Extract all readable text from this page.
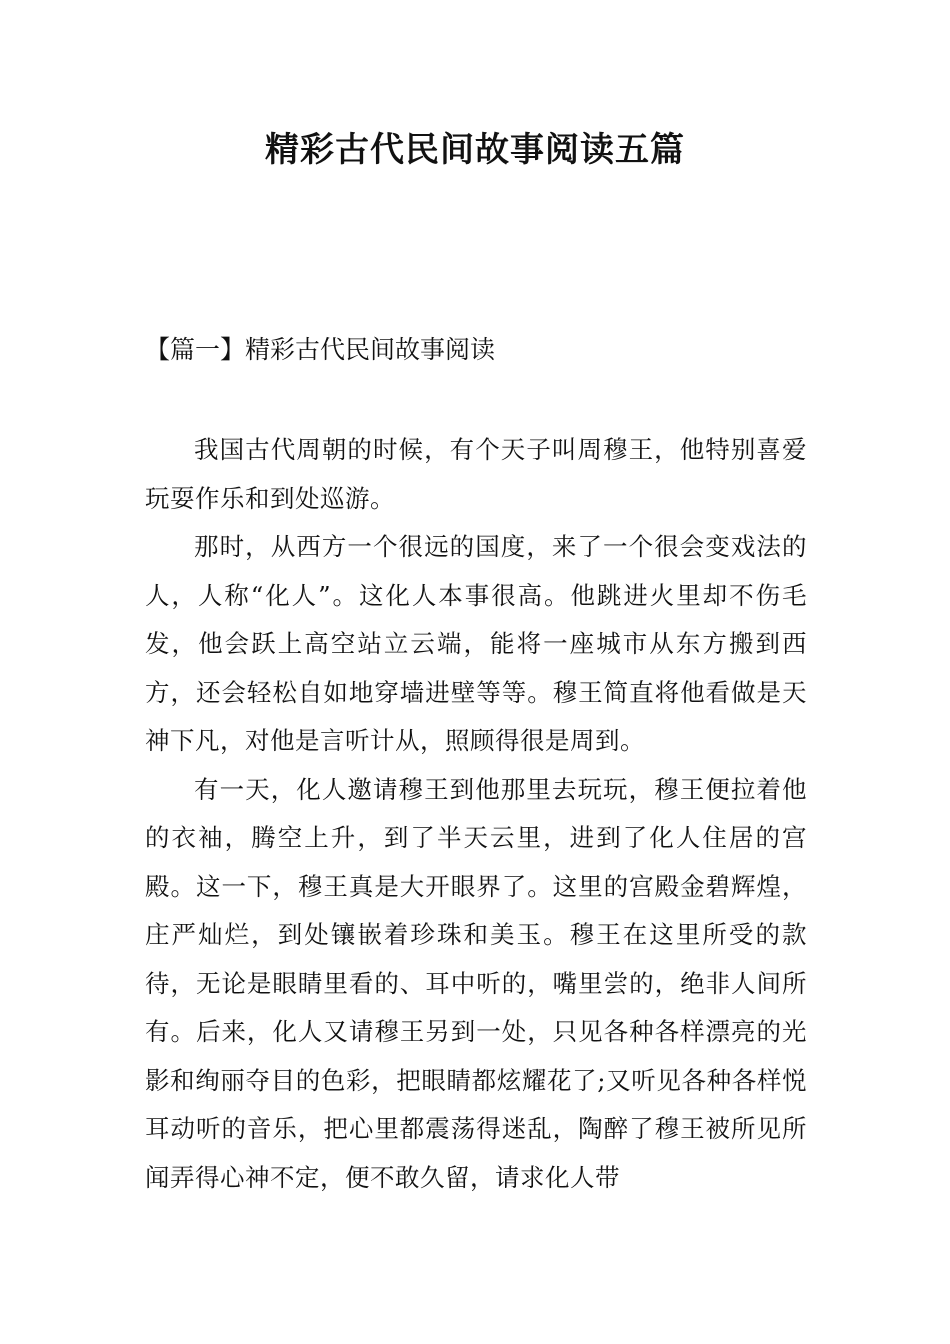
精彩古代民间故事阅读五篇
【篇一】精彩古代民间故事阅读

我国古代周朝的时候，有个天子叫周穆王，他特别喜爱玩耍作乐和到处巡游。

那时，从西方一个很远的国度，来了一个很会变戏法的人，人称“化人”。这化人本事很高。他跳进火里却不伤毛发，他会跃上高空站立云端，能将一座城市从东方搬到西方，还会轻松自如地穿墙进壁等等。穆王简直将他看做是天神下凡，对他是言听计从，照顾得很是周到。

有一天，化人邀请穆王到他那里去玩玩，穆王便拉着他的衣袖，腾空上升，到了半天云里，进到了化人住居的宫殿。这一下，穆王真是大开眼界了。这里的宫殿金碧辉煌，庄严灿烂，到处镶嵌着珍珠和美玉。穆王在这里所受的款待，无论是眼睛里看的、耳中听的，嘴里尝的，绝非人间所有。后来，化人又请穆王另到一处，只见各种各样漂亮的光影和绚丽夺目的色彩，把眼睛都炫耀花了;又听见各种各样悦耳动听的音乐，把心里都震荡得迷乱，陶醉了穆王被所见所闻弄得心神不定，便不敢久留，请求化人带
